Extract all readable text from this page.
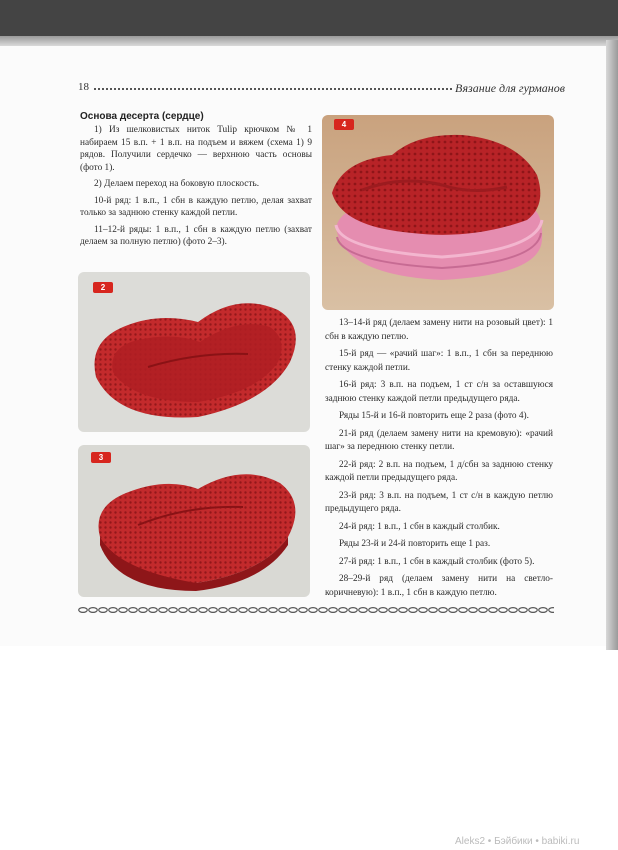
18	Вязание для гурманов
Основа десерта (сердце)

1) Из шелковистых ниток Tulip крючком № 1 набираем 15 в.п. + 1 в.п. на подъем и вяжем (схема 1) 9 рядов. Получили сердечко — верхнюю часть основы (фото 1).

2) Делаем переход на боковую плоскость.

10-й ряд: 1 в.п., 1 сбн в каждую петлю, делая захват только за заднюю стенку каждой петли.

11–12-й ряды: 1 в.п., 1 сбн в каждую петлю (захват делаем за полную петлю) (фото 2–3).

4
2
3

13–14-й ряд (делаем замену нити на розовый цвет): 1 сбн в каждую петлю.

15-й ряд — «рачий шаг»: 1 в.п., 1 сбн за переднюю стенку каждой петли.

16-й ряд: 3 в.п. на подъем, 1 ст с/н за оставшуюся заднюю стенку каждой петли предыдущего ряда.

Ряды 15-й и 16-й повторить еще 2 раза (фото 4).

21-й ряд (делаем замену нити на кремовую): «рачий шаг» за переднюю стенку петли.

22-й ряд: 2 в.п. на подъем, 1 д/сбн за заднюю стенку каждой петли предыдущего ряда.

23-й ряд: 3 в.п. на подъем, 1 ст с/н в каждую петлю предыдущего ряда.

24-й ряд: 1 в.п., 1 сбн в каждый столбик.

Ряды 23-й и 24-й повторить еще 1 раз.

27-й ряд: 1 в.п., 1 сбн в каждый столбик (фото 5).

28–29-й ряд (делаем замену нити на светло-коричневую): 1 в.п., 1 сбн в каждую петлю.

Aleks2 • Бэйбики • babiki.ru
